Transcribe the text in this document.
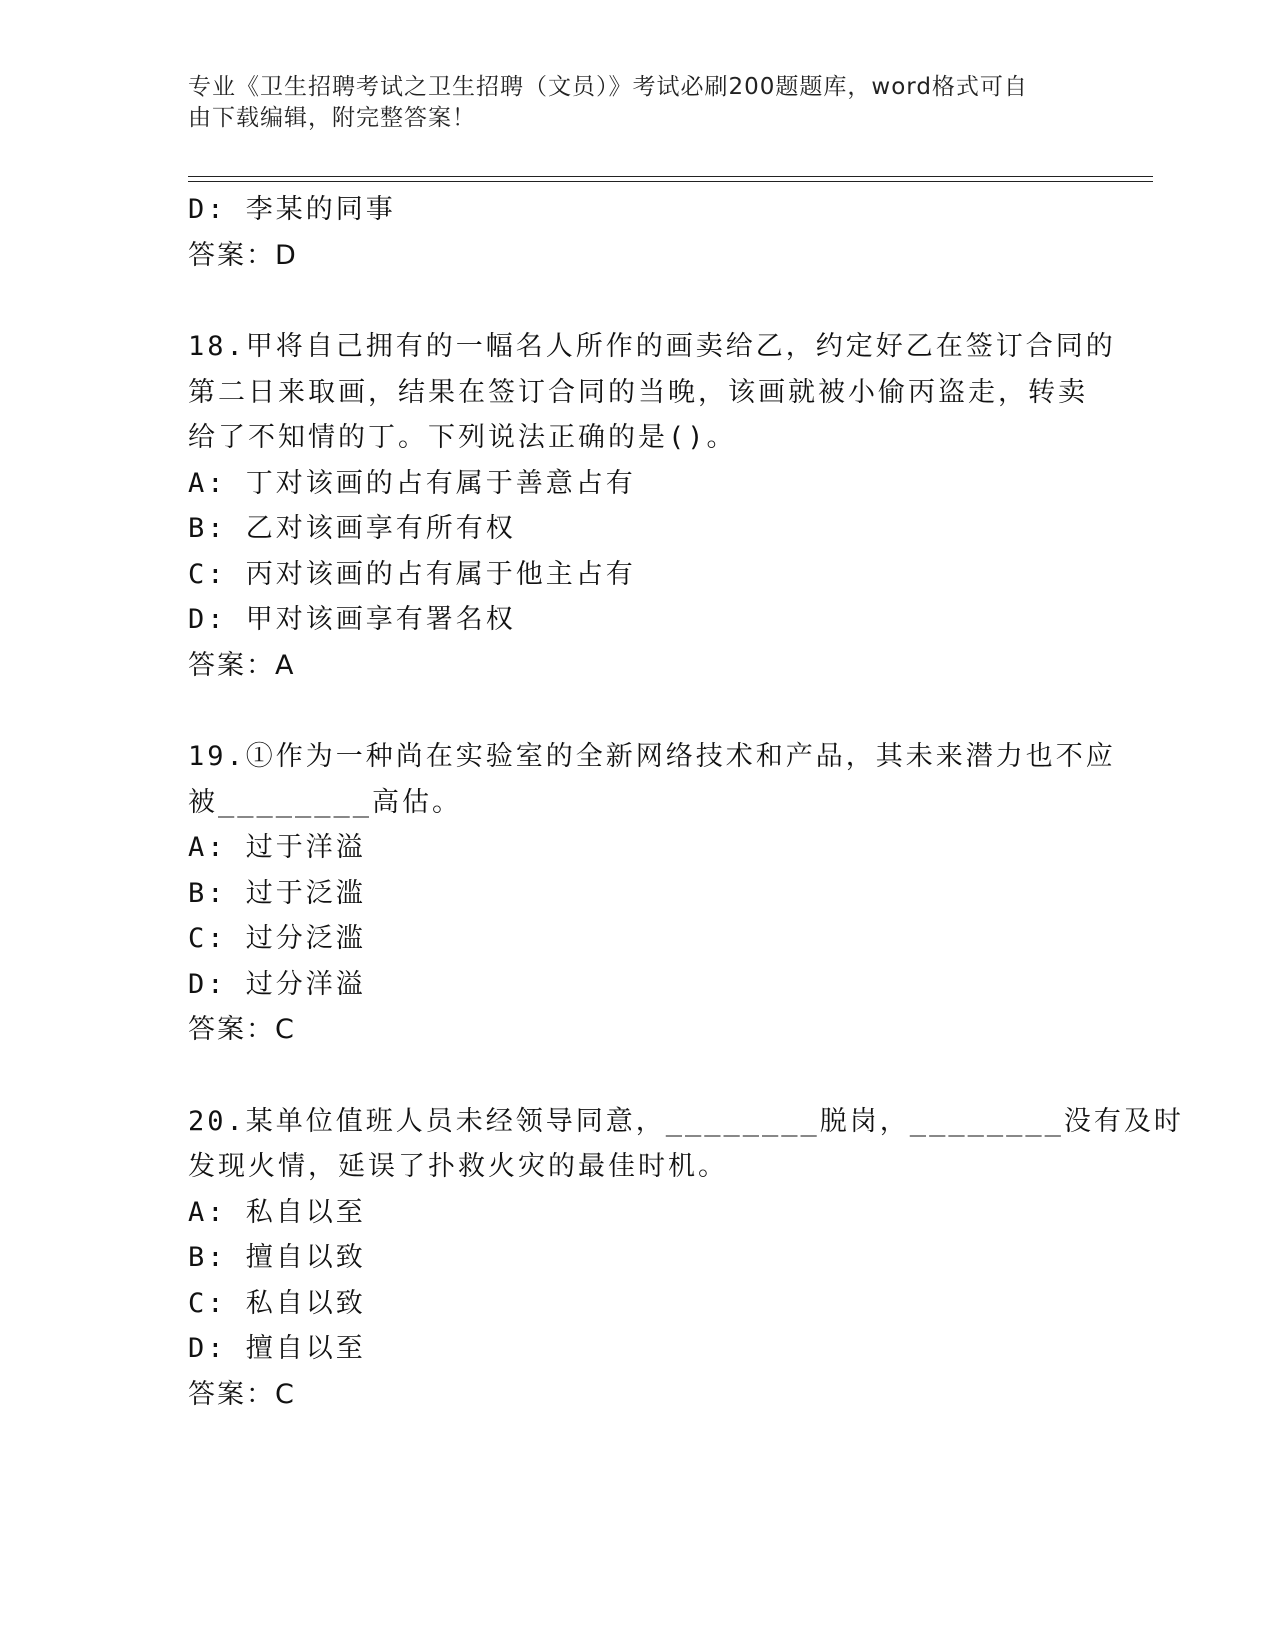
专业《卫生招聘考试之卫生招聘（文员）》考试必刷200题题库，word格式可自
由下载编辑，附完整答案！
D: 李某的同事
答案：D
18.甲将自己拥有的一幅名人所作的画卖给乙，约定好乙在签订合同的
第二日来取画，结果在签订合同的当晚，该画就被小偷丙盗走，转卖
给了不知情的丁。下列说法正确的是()。
A: 丁对该画的占有属于善意占有
B: 乙对该画享有所有权
C: 丙对该画的占有属于他主占有
D: 甲对该画享有署名权
答案：A
19.①作为一种尚在实验室的全新网络技术和产品，其未来潜力也不应
被________高估。
A: 过于洋溢
B: 过于泛滥
C: 过分泛滥
D: 过分洋溢
答案：C
20.某单位值班人员未经领导同意，________脱岗，________没有及时
发现火情，延误了扑救火灾的最佳时机。
A: 私自以至
B: 擅自以致
C: 私自以致
D: 擅自以至
答案：C
